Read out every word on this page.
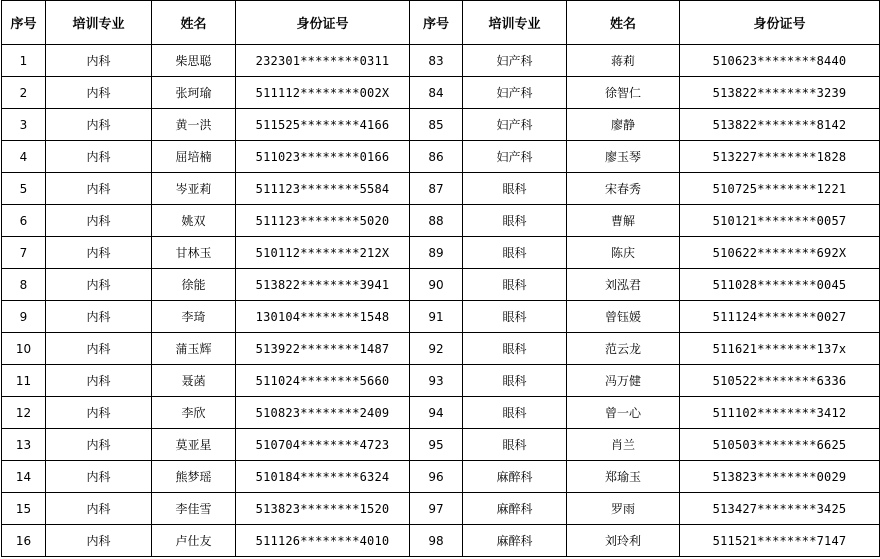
序号	培训专业	姓名	身份证号	序号	培训专业	姓名	身份证号
1	内科	柴思聪	232301********0311	83	妇产科	蒋莉	510623********8440
2	内科	张珂瑜	511112********002X	84	妇产科	徐智仁	513822********3239
3	内科	黄一洪	511525********4166	85	妇产科	廖静	513822********8142
4	内科	屈培楠	511023********0166	86	妇产科	廖玉琴	513227********1828
5	内科	岑亚莉	511123********5584	87	眼科	宋春秀	510725********1221
6	内科	姚双	511123********5020	88	眼科	曹解	510121********0057
7	内科	甘林玉	510112********212X	89	眼科	陈庆	510622********692X
8	内科	徐能	513822********3941	90	眼科	刘泓君	511028********0045
9	内科	李琦	130104********1548	91	眼科	曾钰媛	511124********0027
10	内科	蒲玉辉	513922********1487	92	眼科	范云龙	511621********137x
11	内科	聂菡	511024********5660	93	眼科	冯万健	510522********6336
12	内科	李欣	510823********2409	94	眼科	曾一心	511102********3412
13	内科	莫亚星	510704********4723	95	眼科	肖兰	510503********6625
14	内科	熊梦瑶	510184********6324	96	麻醉科	郑瑜玉	513823********0029
15	内科	李佳雪	513823********1520	97	麻醉科	罗雨	513427********3425
16	内科	卢仕友	511126********4010	98	麻醉科	刘玲利	511521********7147
